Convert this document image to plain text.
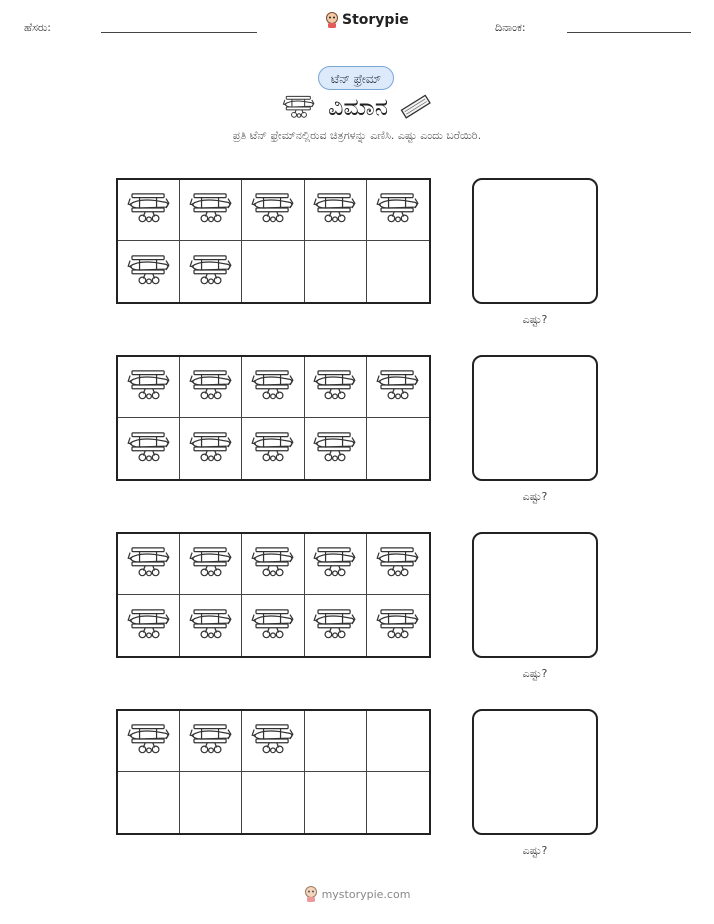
ಹೆಸರು:	Storypie	ದಿನಾಂಕ:
ಟೆನ್ ಫ್ರೇಮ್
ವಿಮಾನ
ಪ್ರತಿ ಟೆನ್ ಫ್ರೇಮ್‌ನಲ್ಲಿರುವ ಚಿತ್ರಗಳನ್ನು ಎಣಿಸಿ. ಎಷ್ಟು ಎಂದು ಬರೆಯಿರಿ.
ಎಷ್ಟು?
ಎಷ್ಟು?
ಎಷ್ಟು?
ಎಷ್ಟು?
mystorypie.com
